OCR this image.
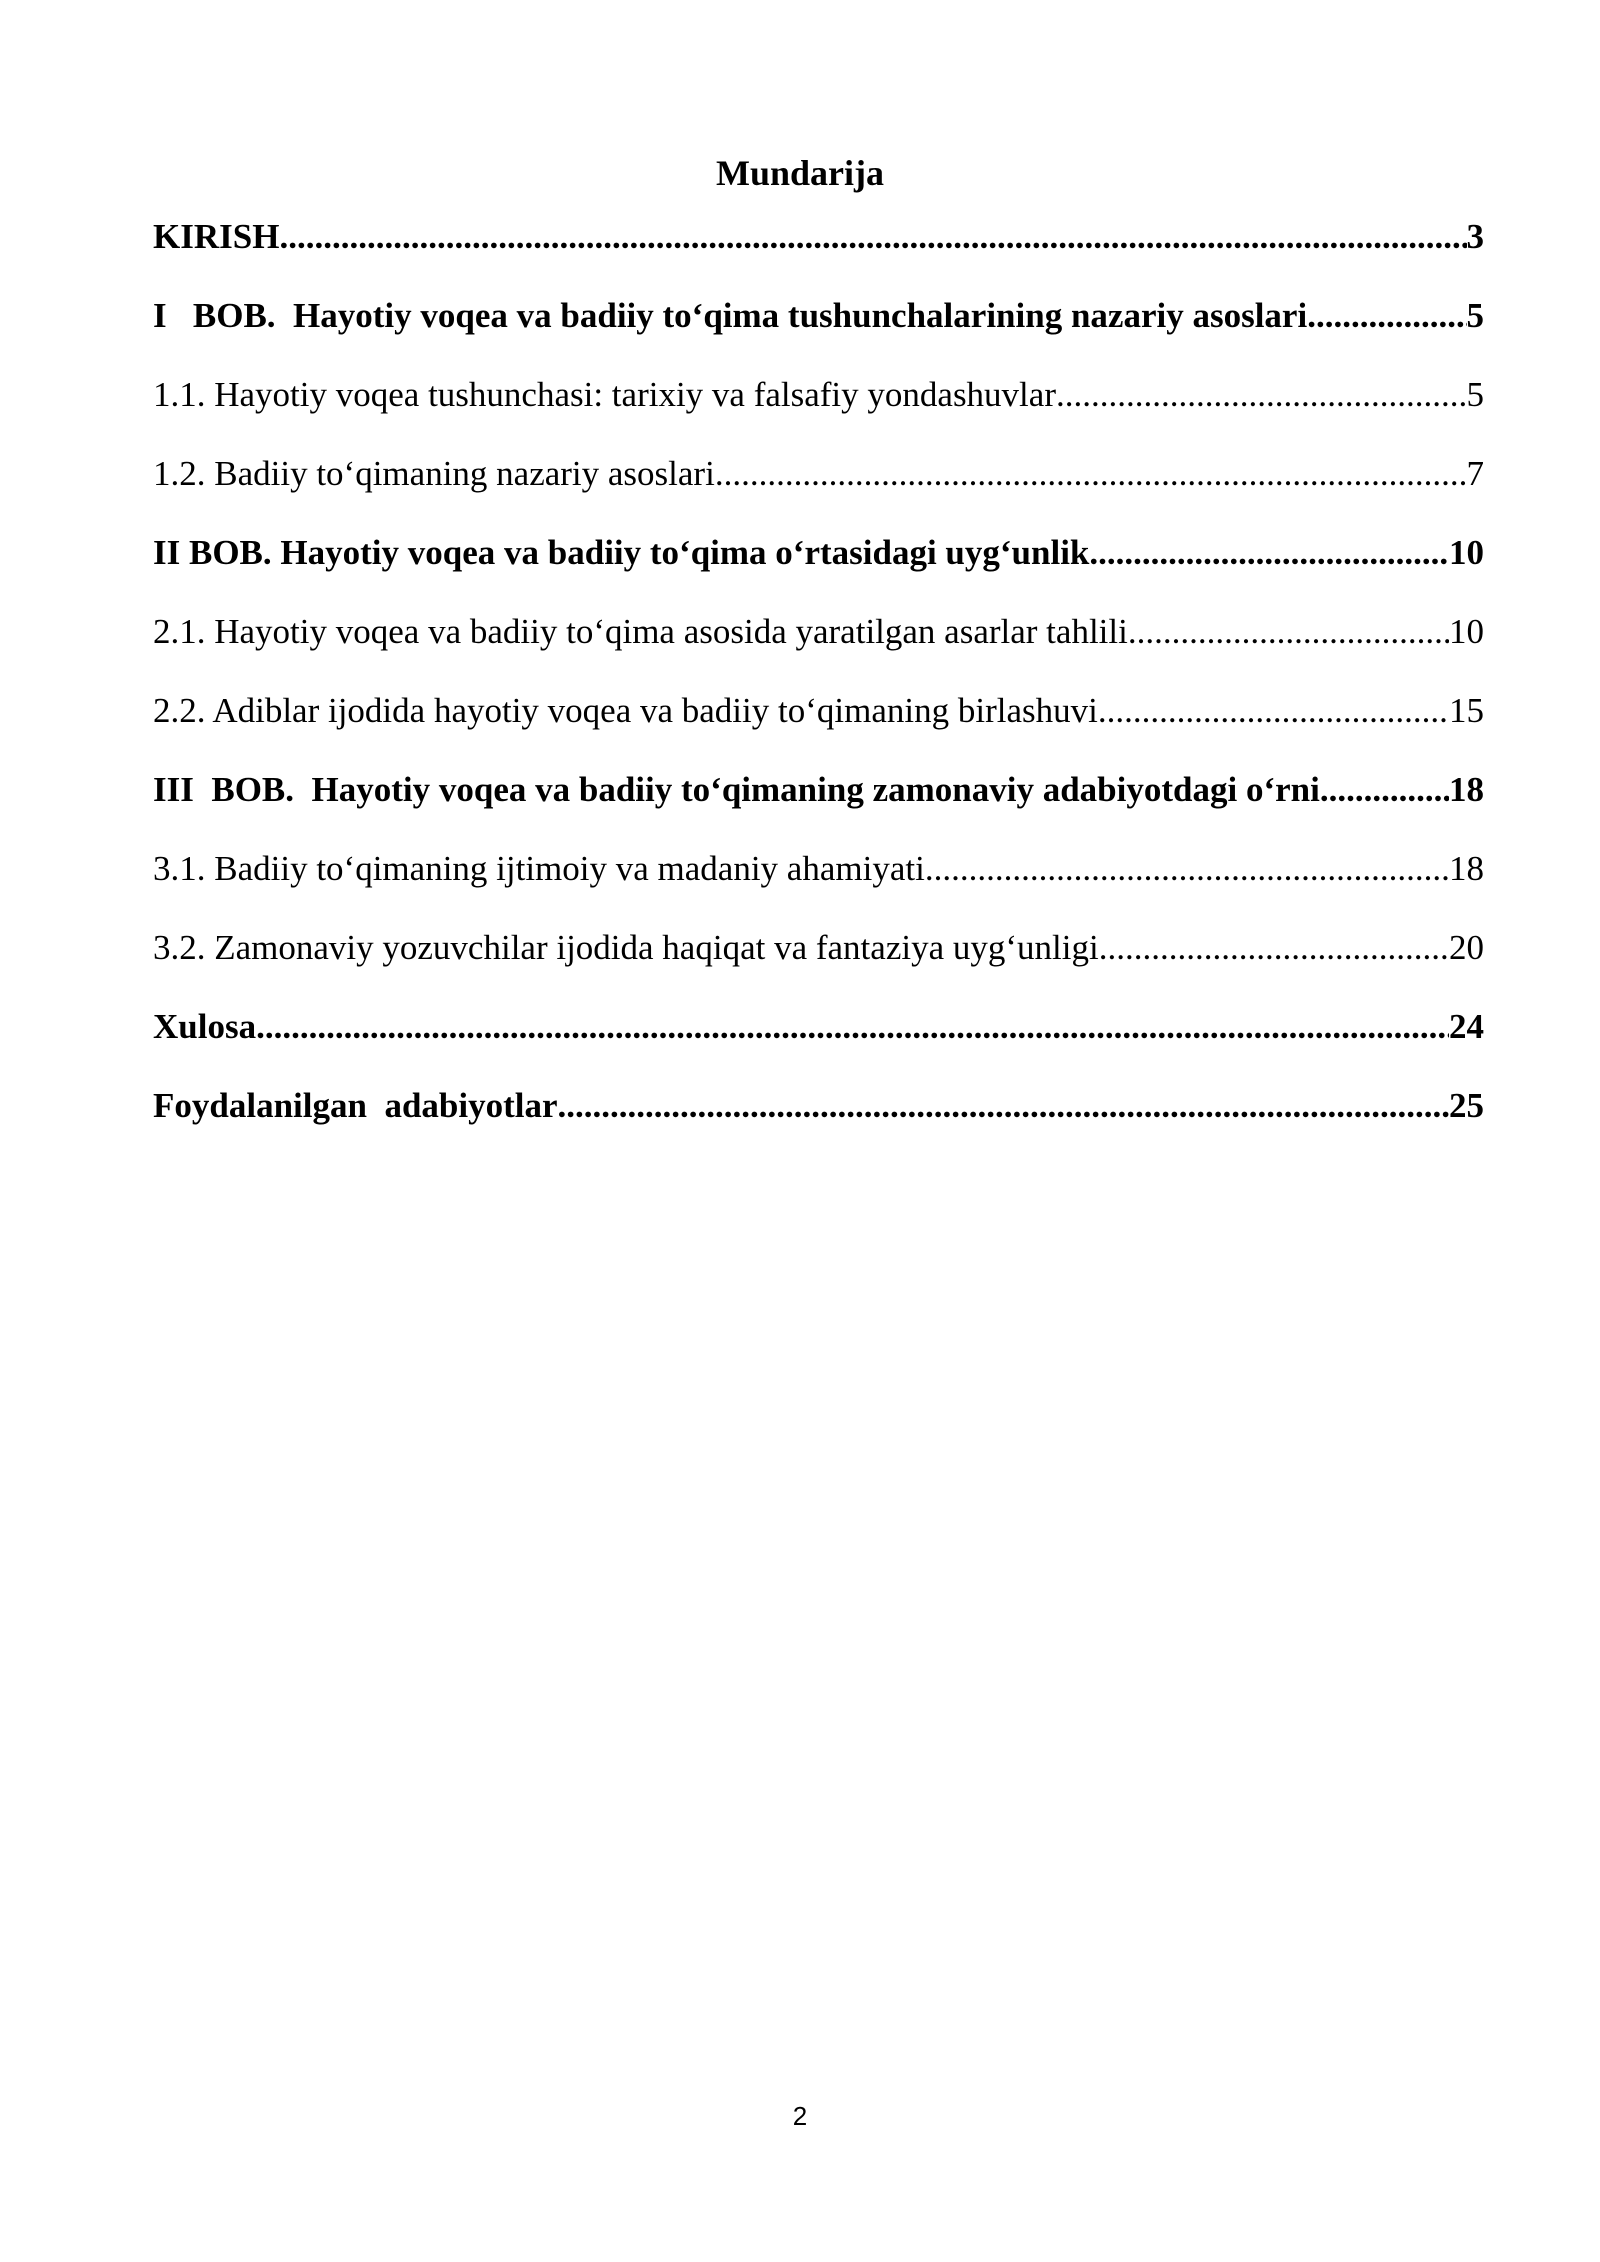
Mundarija
KIRISH .....	3
I   BOB.  Hayotiy voqea va badiiy to‘qima tushunchalarining nazariy asoslari .....	5
1.1. Hayotiy voqea tushunchasi: tarixiy va falsafiy yondashuvlar .....	5
1.2. Badiiy to‘qimaning nazariy asoslari .....	7
II BOB. Hayotiy voqea va badiiy to‘qima o‘rtasidagi uyg‘unlik .....	10
2.1. Hayotiy voqea va badiiy to‘qima asosida yaratilgan asarlar tahlili .....	10
2.2. Adiblar ijodida hayotiy voqea va badiiy to‘qimaning birlashuvi .....	15
III  BOB.  Hayotiy voqea va badiiy to‘qimaning zamonaviy adabiyotdagi o‘rni .....	18
3.1. Badiiy to‘qimaning ijtimoiy va madaniy ahamiyati .....	18
3.2. Zamonaviy yozuvchilar ijodida haqiqat va fantaziya uyg‘unligi .....	20
Xulosa .....	24
Foydalanilgan  adabiyotlar .....	25
2
